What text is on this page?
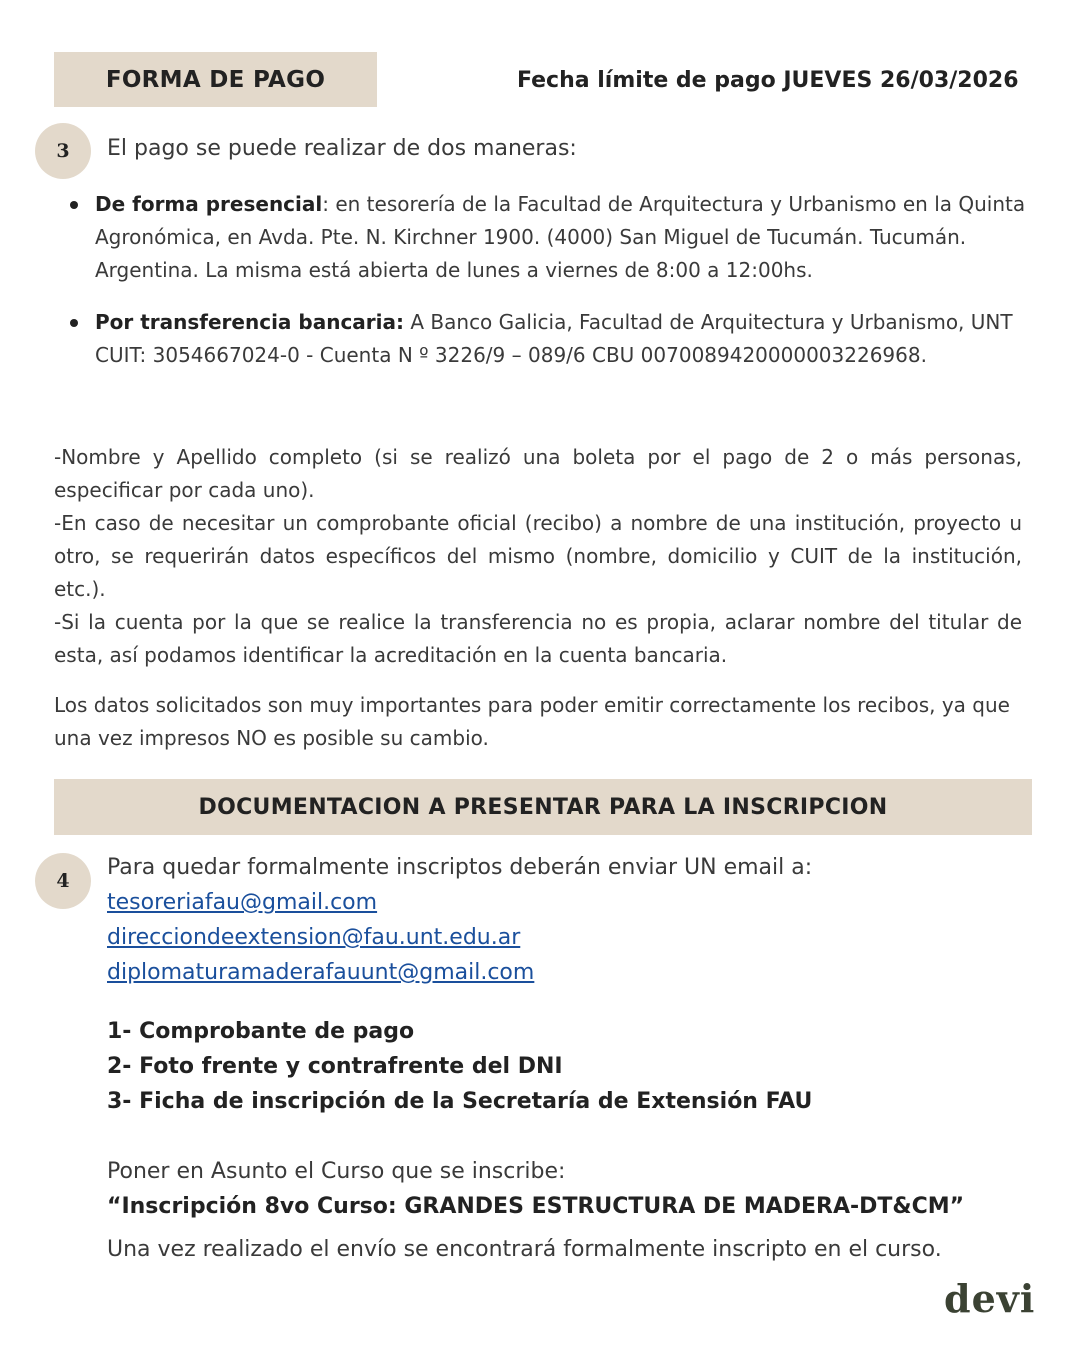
FORMA DE PAGO	Fecha límite de pago JUEVES 26/03/2026
3 El pago se puede realizar de dos maneras:
De forma presencial: en tesorería de la Facultad de Arquitectura y Urbanismo en la Quinta Agronómica, en Avda. Pte. N. Kirchner 1900. (4000) San Miguel de Tucumán. Tucumán. Argentina. La misma está abierta de lunes a viernes de 8:00 a 12:00hs.
Por transferencia bancaria: A Banco Galicia, Facultad de Arquitectura y Urbanismo, UNT      CUIT: 3054667024-0 - Cuenta N º 3226/9 – 089/6 CBU 0070089420000003226968.

-Nombre y Apellido completo (si se realizó una boleta por el pago de 2 o más personas, especificar por cada uno).

-En caso de necesitar un comprobante oficial (recibo) a nombre de una institución, proyecto u otro, se requerirán datos específicos del mismo (nombre, domicilio y CUIT de la institución, etc.).

-Si la cuenta por la que se realice la transferencia no es propia, aclarar nombre del titular de esta, así podamos identificar la acreditación en la cuenta bancaria.

Los datos solicitados son muy importantes para poder emitir correctamente los recibos, ya que una vez impresos NO es posible su cambio.
DOCUMENTACION A PRESENTAR PARA LA INSCRIPCION
4
Para quedar formalmente inscriptos deberán enviar UN email a:
tesoreriafau@gmail.com
direcciondeextension@fau.unt.edu.ar
diplomaturamaderafauunt@gmail.com
1- Comprobante de pago
2- Foto frente y contrafrente del DNI
3- Ficha de inscripción de la Secretaría de Extensión FAU
Poner en Asunto el Curso que se inscribe:
“Inscripción 8vo Curso: GRANDES ESTRUCTURA DE MADERA-DT&CM”
Una vez realizado el envío se encontrará formalmente inscripto en el curso.
devi
